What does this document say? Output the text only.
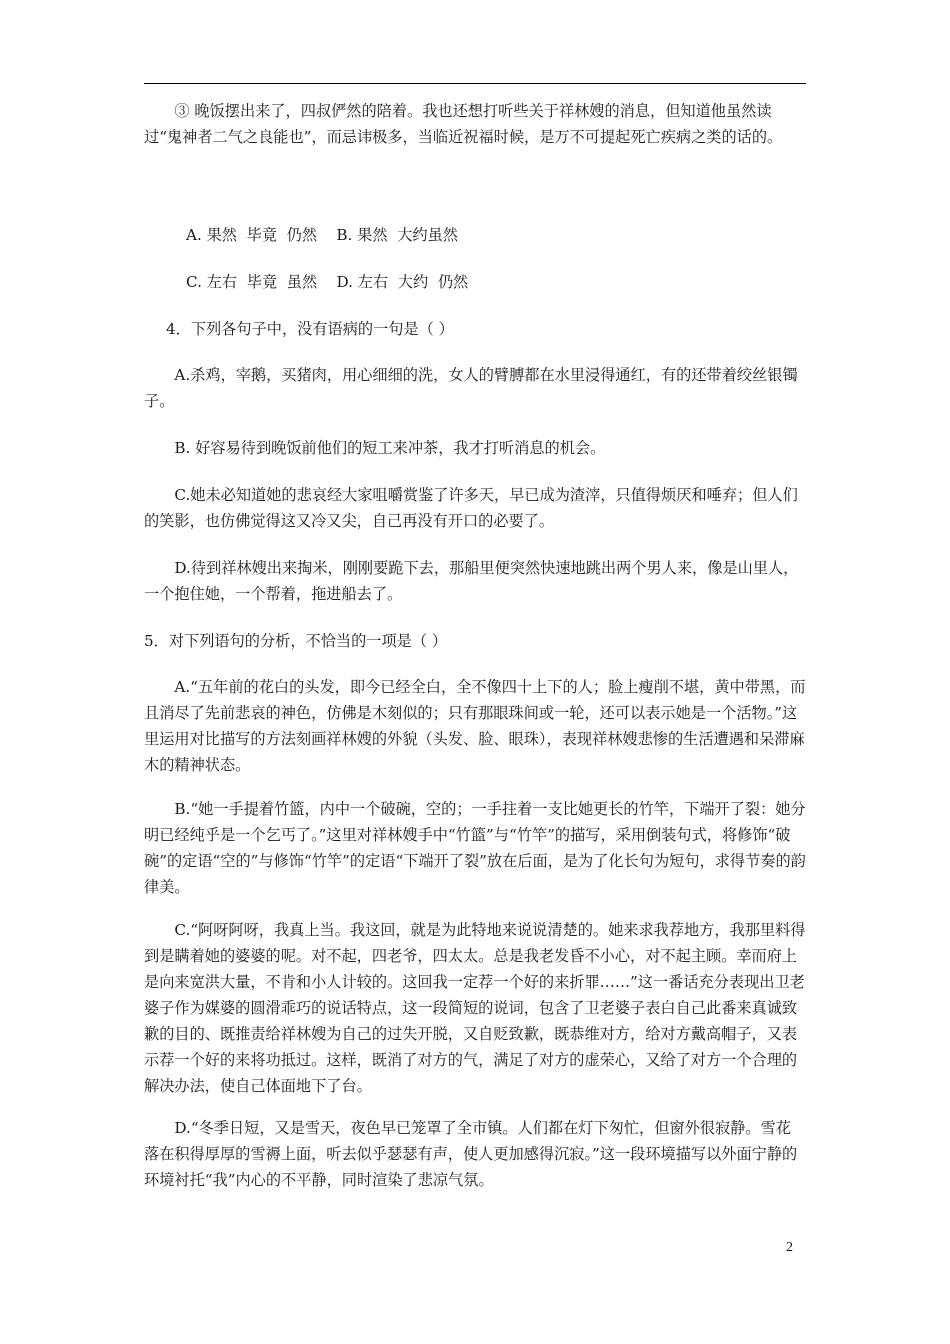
③ 晚饭摆出来了，四叔俨然的陪着。我也还想打听些关于祥林嫂的消息，但知道他虽然读过“鬼神者二气之良能也”，而忌讳极多，当临近祝福时候，是万不可提起死亡疾病之类的话的。

A. 果然  毕竟  仍然    B. 果然  大约虽然

C. 左右  毕竟  虽然    D. 左右  大约  仍然

4．下列各句子中，没有语病的一句是（ ）

A.杀鸡，宰鹅，买猪肉，用心细细的洗，女人的臂膊都在水里浸得通红，有的还带着绞丝银镯子。

B. 好容易待到晚饭前他们的短工来冲茶，我才打听消息的机会。

C.她未必知道她的悲哀经大家咀嚼赏鉴了许多天，早已成为渣滓，只值得烦厌和唾弃；但人们的笑影，也仿佛觉得这又冷又尖，自己再没有开口的必要了。

D.待到祥林嫂出来掏米，刚刚要跪下去，那船里便突然快速地跳出两个男人来，像是山里人，一个抱住她，一个帮着，拖进船去了。

5．对下列语句的分析，不恰当的一项是（ ）

A.“五年前的花白的头发，即今已经全白，全不像四十上下的人；脸上瘦削不堪，黄中带黑，而且消尽了先前悲哀的神色，仿佛是木刻似的；只有那眼珠间或一轮，还可以表示她是一个活物。”这里运用对比描写的方法刻画祥林嫂的外貌（头发、脸、眼珠），表现祥林嫂悲惨的生活遭遇和呆滞麻木的精神状态。

B.“她一手提着竹篮，内中一个破碗，空的；一手拄着一支比她更长的竹竿，下端开了裂：她分明已经纯乎是一个乞丐了。”这里对祥林嫂手中“竹篮”与“竹竿”的描写，采用倒装句式，将修饰“破碗”的定语“空的”与修饰“竹竿”的定语“下端开了裂”放在后面，是为了化长句为短句，求得节奏的韵律美。

C.“阿呀阿呀，我真上当。我这回，就是为此特地来说说清楚的。她来求我荐地方，我那里料得到是瞒着她的婆婆的呢。对不起，四老爷，四太太。总是我老发昏不小心，对不起主顾。幸而府上是向来宽洪大量，不肯和小人计较的。这回我一定荐一个好的来折罪……”这一番话充分表现出卫老婆子作为媒婆的圆滑乖巧的说话特点，这一段简短的说词，包含了卫老婆子表白自己此番来真诚致歉的目的、既推责给祥林嫂为自己的过失开脱，又自贬致歉，既恭维对方，给对方戴高帽子，又表示荐一个好的来将功抵过。这样，既消了对方的气，满足了对方的虚荣心，又给了对方一个合理的解决办法，使自己体面地下了台。

D.“冬季日短，又是雪天，夜色早已笼罩了全市镇。人们都在灯下匆忙，但窗外很寂静。雪花落在积得厚厚的雪褥上面，听去似乎瑟瑟有声，使人更加感得沉寂。”这一段环境描写以外面宁静的环境衬托“我”内心的不平静，同时渲染了悲凉气氛。

2
